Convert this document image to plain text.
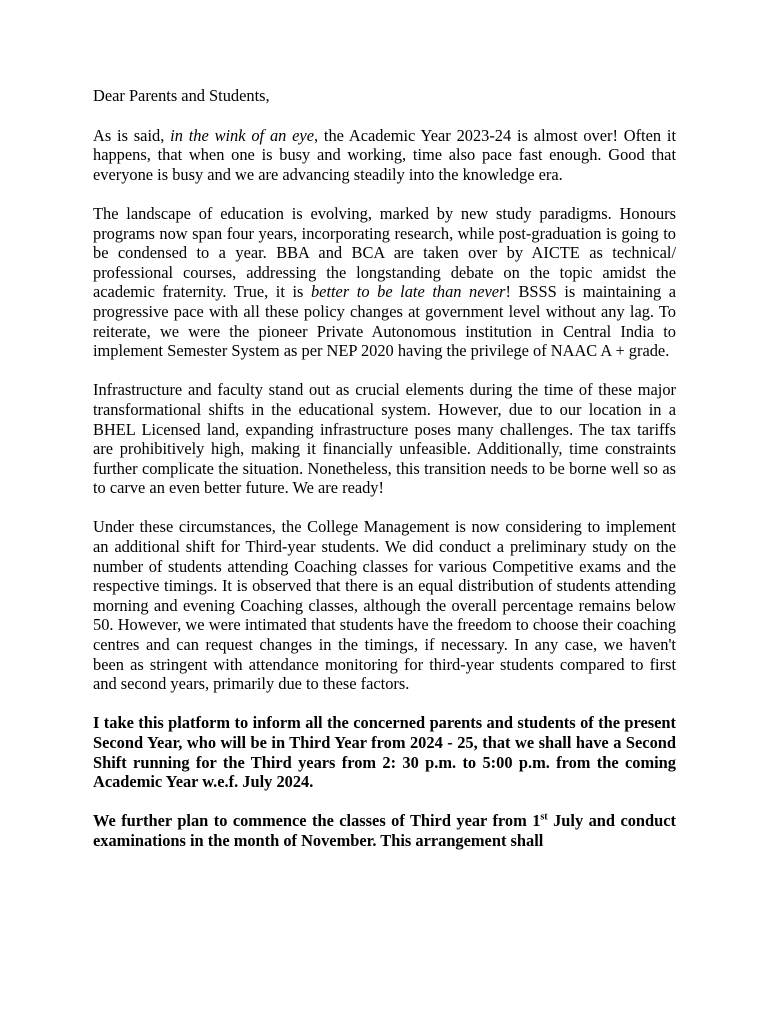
Dear Parents and Students,

As is said, in the wink of an eye, the Academic Year 2023-24 is almost over! Often it happens, that when one is busy and working, time also pace fast enough. Good that everyone is busy and we are advancing steadily into the knowledge era.

The landscape of education is evolving, marked by new study paradigms. Honours programs now span four years, incorporating research, while post-graduation is going to be condensed to a year. BBA and BCA are taken over by AICTE as technical/ professional courses, addressing the longstanding debate on the topic amidst the academic fraternity. True, it is better to be late than never! BSSS is maintaining a progressive pace with all these policy changes at government level without any lag. To reiterate, we were the pioneer Private Autonomous institution in Central India to implement Semester System as per NEP 2020 having the privilege of NAAC A + grade.

Infrastructure and faculty stand out as crucial elements during the time of these major transformational shifts in the educational system. However, due to our location in a BHEL Licensed land, expanding infrastructure poses many challenges. The tax tariffs are prohibitively high, making it financially unfeasible. Additionally, time constraints further complicate the situation. Nonetheless, this transition needs to be borne well so as to carve an even better future. We are ready!

Under these circumstances, the College Management is now considering to implement an additional shift for Third-year students. We did conduct a preliminary study on the number of students attending Coaching classes for various Competitive exams and the respective timings. It is observed that there is an equal distribution of students attending morning and evening Coaching classes, although the overall percentage remains below 50. However, we were intimated that students have the freedom to choose their coaching centres and can request changes in the timings, if necessary. In any case, we haven't been as stringent with attendance monitoring for third-year students compared to first and second years, primarily due to these factors.

I take this platform to inform all the concerned parents and students of the present Second Year, who will be in Third Year from 2024 - 25, that we shall have a Second Shift running for the Third years from 2: 30 p.m. to 5:00 p.m. from the coming Academic Year w.e.f. July 2024.

We further plan to commence the classes of Third year from 1st July and conduct examinations in the month of November. This arrangement shall
